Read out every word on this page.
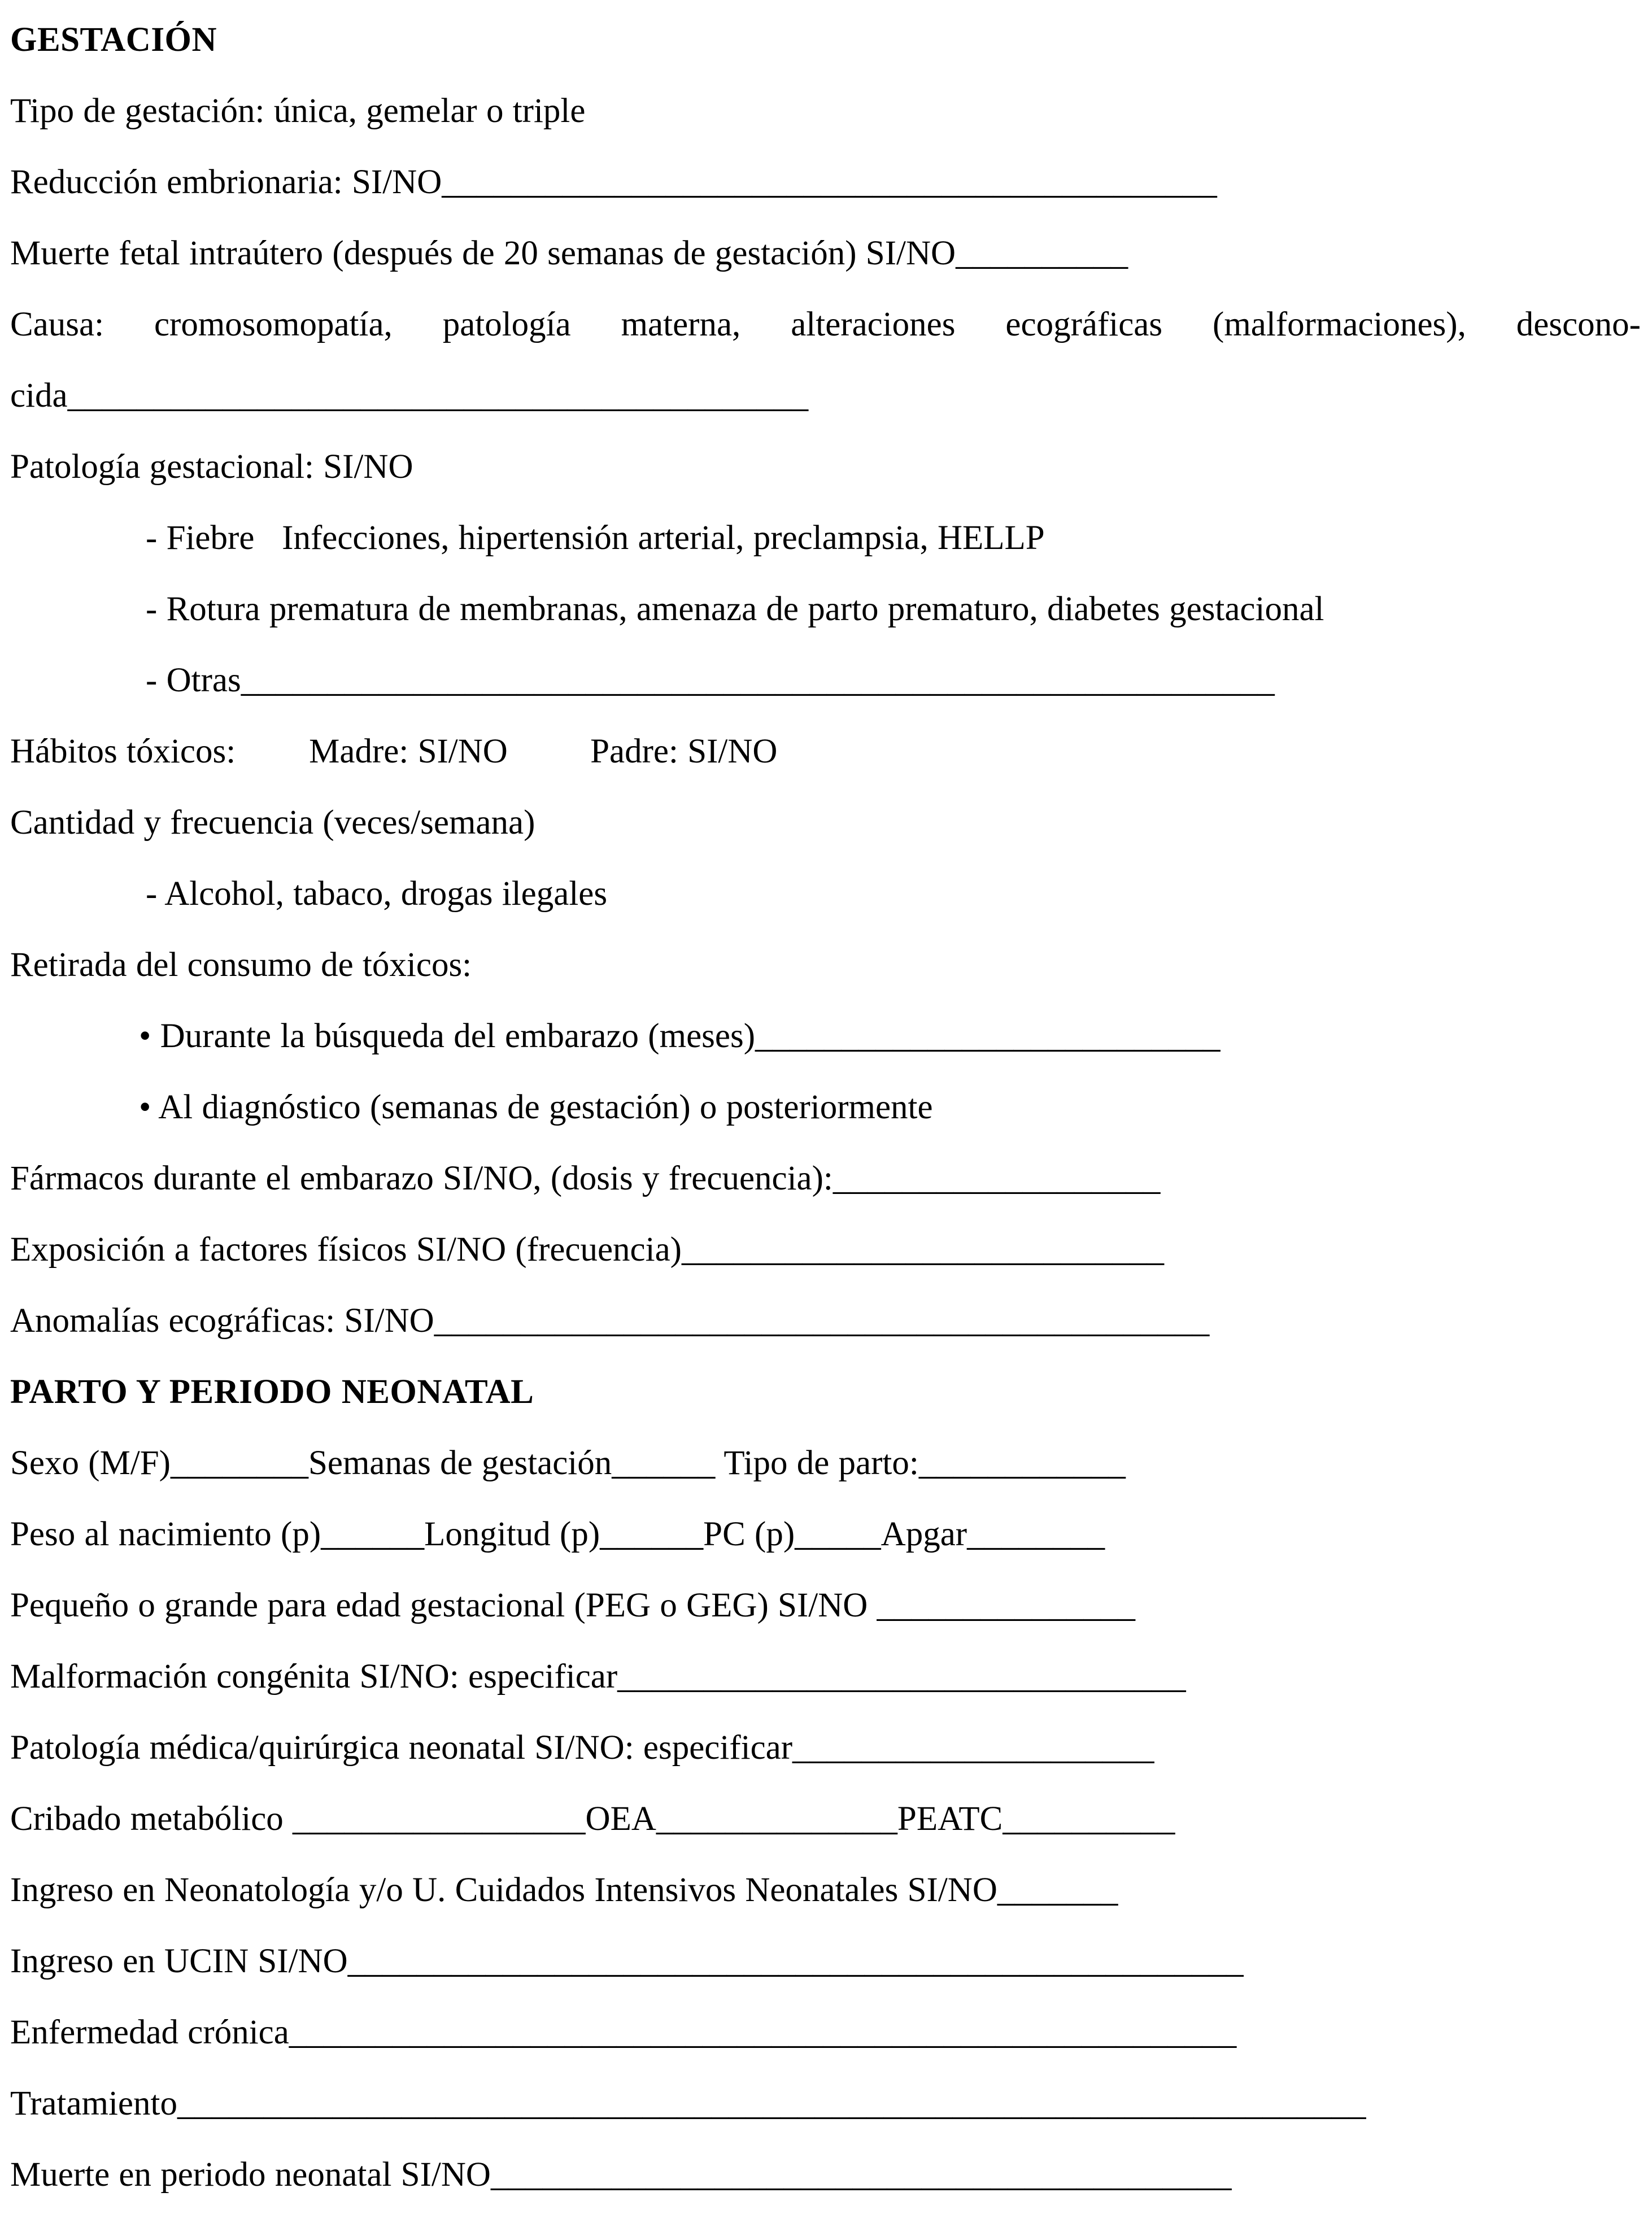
GESTACIÓN
Tipo de gestación: única, gemelar o triple
Reducción embrionaria: SI/NO_____________________________________________
Muerte fetal intraútero (después de 20 semanas de gestación) SI/NO__________
Causa: cromosomopatía, patología materna, alteraciones ecográficas (malformaciones), descono-
cida___________________________________________
Patología gestacional: SI/NO
- Fiebre   Infecciones, hipertensión arterial, preclampsia, HELLP
- Rotura prematura de membranas, amenaza de parto prematuro, diabetes gestacional
- Otras____________________________________________________________
Hábitos tóxicos:        Madre: SI/NO         Padre: SI/NO
Cantidad y frecuencia (veces/semana)
- Alcohol, tabaco, drogas ilegales
Retirada del consumo de tóxicos:
• Durante la búsqueda del embarazo (meses)___________________________
• Al diagnóstico (semanas de gestación) o posteriormente
Fármacos durante el embarazo SI/NO, (dosis y frecuencia):___________________
Exposición a factores físicos SI/NO (frecuencia)____________________________
Anomalías ecográficas: SI/NO_____________________________________________
PARTO Y PERIODO NEONATAL
Sexo (M/F)________Semanas de gestación______ Tipo de parto:____________
Peso al nacimiento (p)______Longitud (p)______PC (p)_____Apgar________
Pequeño o grande para edad gestacional (PEG o GEG) SI/NO _______________
Malformación congénita SI/NO: especificar_________________________________
Patología médica/quirúrgica neonatal SI/NO: especificar_____________________
Cribado metabólico _________________OEA______________PEATC__________
Ingreso en Neonatología y/o U. Cuidados Intensivos Neonatales SI/NO_______
Ingreso en UCIN SI/NO____________________________________________________
Enfermedad crónica_______________________________________________________
Tratamiento_____________________________________________________________________
Muerte en periodo neonatal SI/NO___________________________________________
